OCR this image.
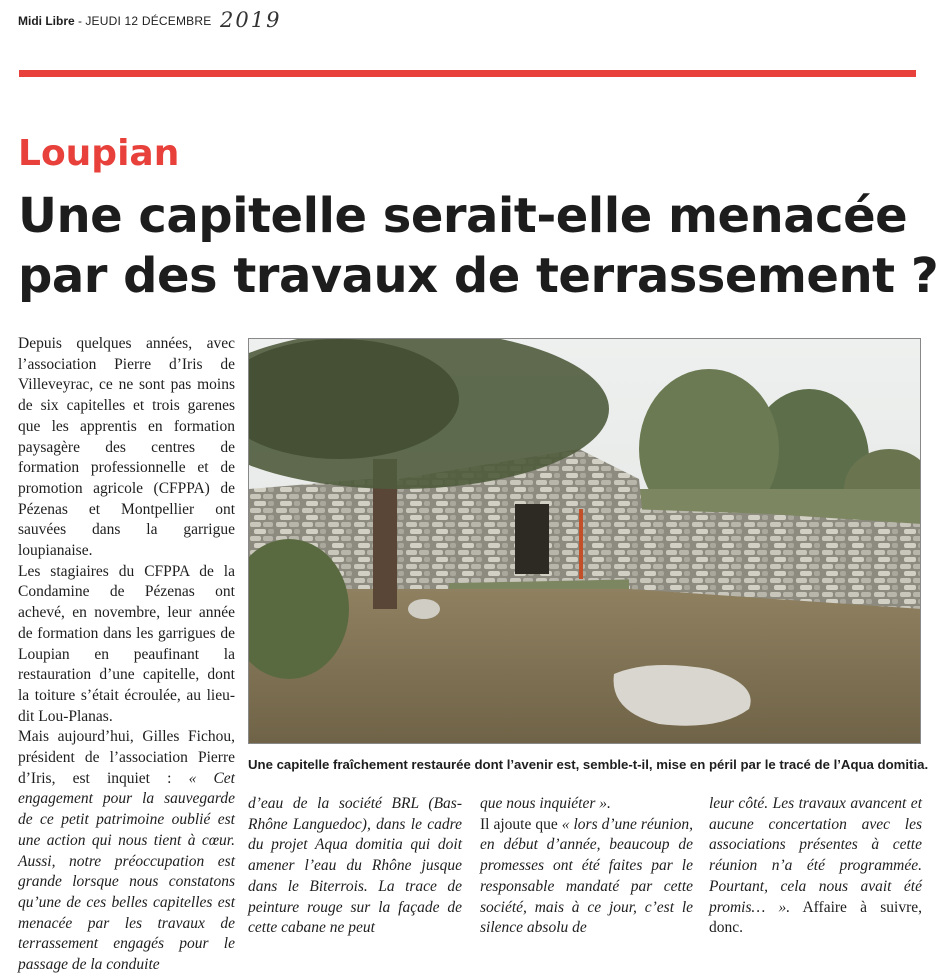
Midi Libre - JEUDI 12 DÉCEMBRE 2019
Loupian
Une capitelle serait-elle menacée
par des travaux de terrassement ?

Depuis quelques années, avec l’association Pierre d’Iris de Villeveyrac, ce ne sont pas moins de six capitelles et trois garenes que les apprentis en formation paysagère des centres de formation professionnelle et de promotion agricole (CFPPA) de Pézenas et Montpellier ont sauvées dans la garrigue loupianaise.

Les stagiaires du CFPPA de la Condamine de Pézenas ont achevé, en novembre, leur année de formation dans les garrigues de Loupian en peaufinant la restauration d’une capitelle, dont la toiture s’était écroulée, au lieu-dit Lou-Planas.

Mais aujourd’hui, Gilles Fichou, président de l’association Pierre d’Iris, est inquiet : « Cet engagement pour la sauvegarde de ce petit patrimoine oublié est une action qui nous tient à cœur. Aussi, notre préoccupation est grande lorsque nous constatons qu’une de ces belles capitelles est menacée par les travaux de terrassement engagés pour le passage de la conduite

Une capitelle fraîchement restaurée dont l’avenir est, semble-t-il, mise en péril par le tracé de l’Aqua domitia.

d’eau de la société BRL (Bas-Rhône Languedoc), dans le cadre du projet Aqua domitia qui doit amener l’eau du Rhône jusque dans le Biterrois. La trace de peinture rouge sur la façade de cette cabane ne peut

que nous inquiéter ».

Il ajoute que « lors d’une réunion, en début d’année, beaucoup de promesses ont été faites par le responsable mandaté par cette société, mais à ce jour, c’est le silence absolu de

leur côté. Les travaux avancent et aucune concertation avec les associations présentes à cette réunion n’a été programmée. Pourtant, cela nous avait été promis… ». Affaire à suivre, donc.
